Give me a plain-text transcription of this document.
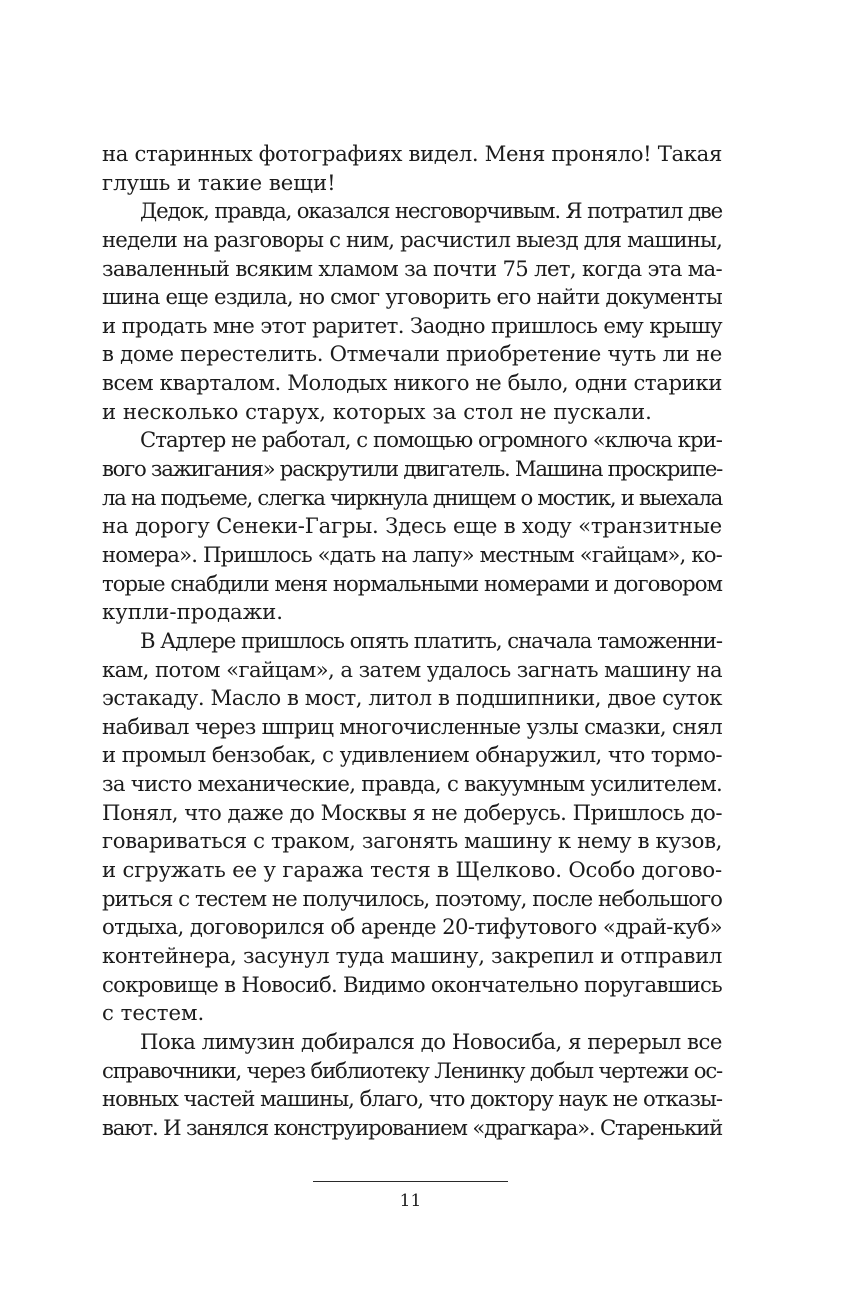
на старинных фотографиях видел. Меня проняло! Такая
глушь и такие вещи!
Дедок, правда, оказался несговорчивым. Я потратил две
недели на разговоры с ним, расчистил выезд для машины,
заваленный всяким хламом за почти 75 лет, когда эта ма-
шина еще ездила, но смог уговорить его найти документы
и продать мне этот раритет. Заодно пришлось ему крышу
в доме перестелить. Отмечали приобретение чуть ли не
всем кварталом. Молодых никого не было, одни старики
и несколько старух, которых за стол не пускали.
Стартер не работал, с помощью огромного «ключа кри-
вого зажигания» раскрутили двигатель. Машина проскрипе-
ла на подъеме, слегка чиркнула днищем о мостик, и выехала
на дорогу Сенеки-Гагры. Здесь еще в ходу «транзитные
номера». Пришлось «дать на лапу» местным «гайцам», ко-
торые снабдили меня нормальными номерами и договором
купли-продажи.
В Адлере пришлось опять платить, сначала таможенни-
кам, потом «гайцам», а затем удалось загнать машину на
эстакаду. Масло в мост, литол в подшипники, двое суток
набивал через шприц многочисленные узлы смазки, снял
и промыл бензобак, с удивлением обнаружил, что тормо-
за чисто механические, правда, с вакуумным усилителем.
Понял, что даже до Москвы я не доберусь. Пришлось до-
говариваться с траком, загонять машину к нему в кузов,
и сгружать ее у гаража тестя в Щелково. Особо догово-
риться с тестем не получилось, поэтому, после небольшого
отдыха, договорился об аренде 20-тифутового «драй-куб»
контейнера, засунул туда машину, закрепил и отправил
сокровище в Новосиб. Видимо окончательно поругавшись
с тестем.
Пока лимузин добирался до Новосиба, я перерыл все
справочники, через библиотеку Ленинку добыл чертежи ос-
новных частей машины, благо, что доктору наук не отказы-
вают. И занялся конструированием «драгкара». Старенький
11
